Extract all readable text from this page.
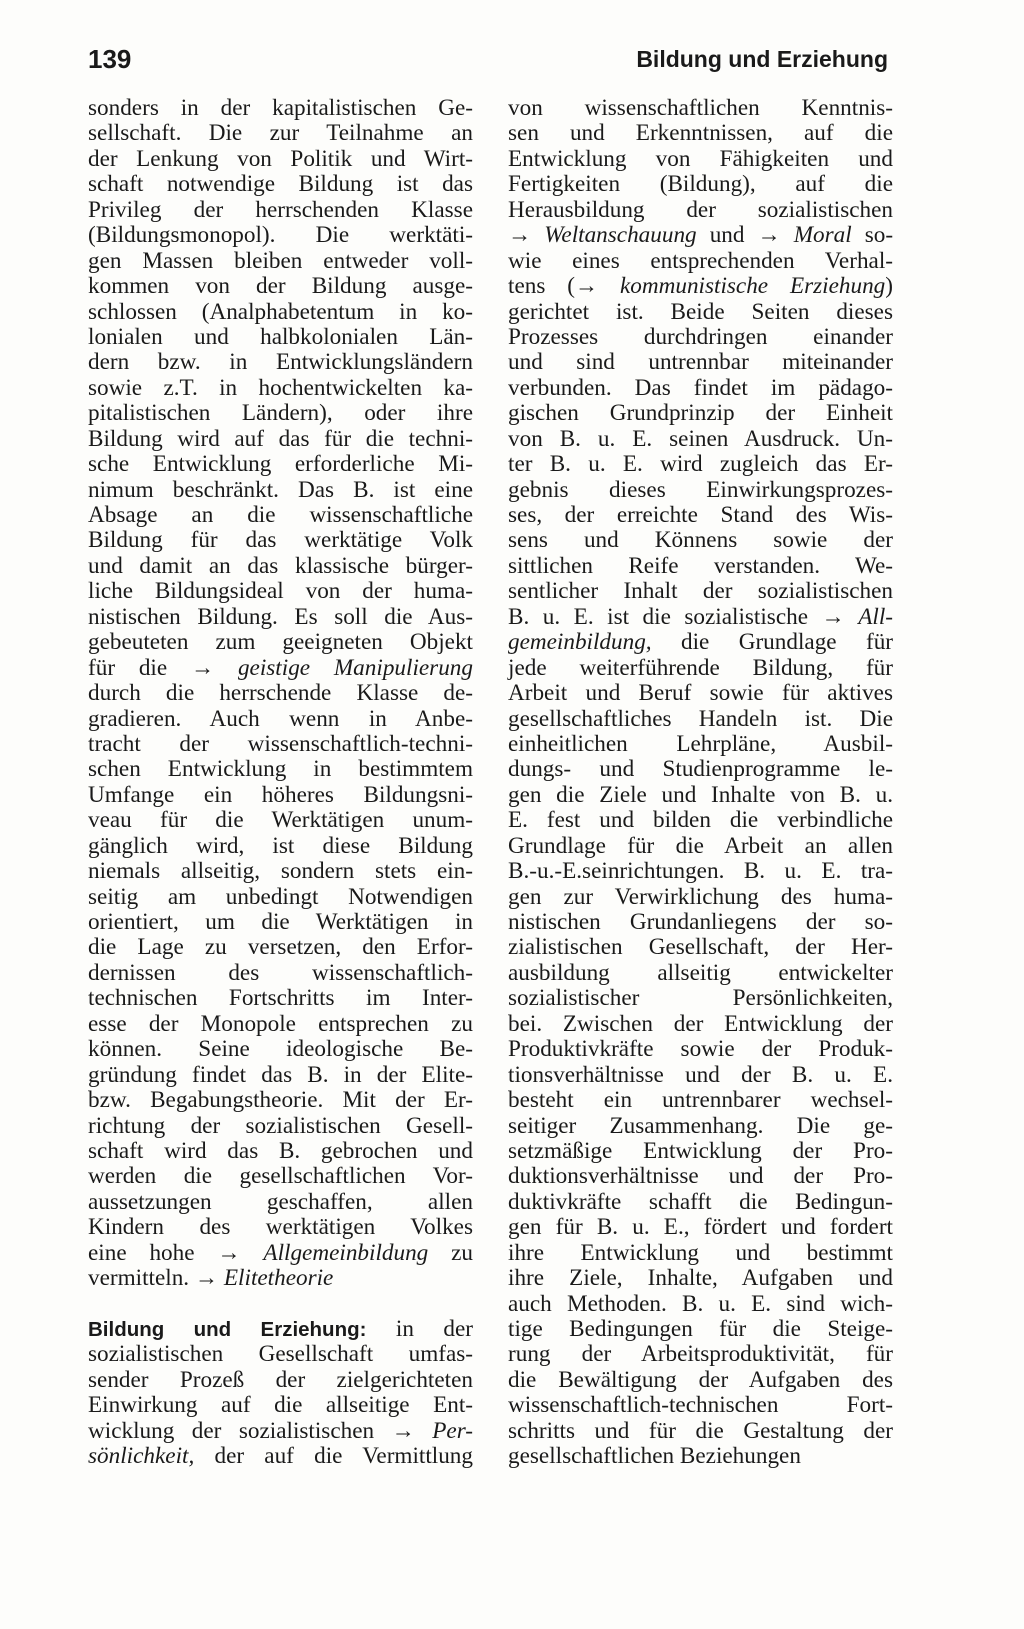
139	Bildung und Erziehung
sonders in der kapitalistischen Ge-
sellschaft. Die zur Teilnahme an
der Lenkung von Politik und Wirt-
schaft notwendige Bildung ist das
Privileg der herrschenden Klasse
(Bildungsmonopol). Die werktäti-
gen Massen bleiben entweder voll-
kommen von der Bildung ausge-
schlossen (Analphabetentum in ko-
lonialen und halbkolonialen Län-
dern bzw. in Entwicklungsländern
sowie z.T. in hochentwickelten ka-
pitalistischen Ländern), oder ihre
Bildung wird auf das für die techni-
sche Entwicklung erforderliche Mi-
nimum beschränkt. Das B. ist eine
Absage an die wissenschaftliche
Bildung für das werktätige Volk
und damit an das klassische bürger-
liche Bildungsideal von der huma-
nistischen Bildung. Es soll die Aus-
gebeuteten zum geeigneten Objekt
für die → geistige Manipulierung
durch die herrschende Klasse de-
gradieren. Auch wenn in Anbe-
tracht der wissenschaftlich-techni-
schen Entwicklung in bestimmtem
Umfange ein höheres Bildungsni-
veau für die Werktätigen unum-
gänglich wird, ist diese Bildung
niemals allseitig, sondern stets ein-
seitig am unbedingt Notwendigen
orientiert, um die Werktätigen in
die Lage zu versetzen, den Erfor-
dernissen des wissenschaftlich-
technischen Fortschritts im Inter-
esse der Monopole entsprechen zu
können. Seine ideologische Be-
gründung findet das B. in der Elite-
bzw. Begabungstheorie. Mit der Er-
richtung der sozialistischen Gesell-
schaft wird das B. gebrochen und
werden die gesellschaftlichen Vor-
aussetzungen geschaffen, allen
Kindern des werktätigen Volkes
eine hohe → Allgemeinbildung zu
vermitteln. → Elitetheorie
Bildung und Erziehung: in der
sozialistischen Gesellschaft umfas-
sender Prozeß der zielgerichteten
Einwirkung auf die allseitige Ent-
wicklung der sozialistischen → Per-
sönlichkeit, der auf die Vermittlung
von wissenschaftlichen Kenntnis-
sen und Erkenntnissen, auf die
Entwicklung von Fähigkeiten und
Fertigkeiten (Bildung), auf die
Herausbildung der sozialistischen
→ Weltanschauung und → Moral so-
wie eines entsprechenden Verhal-
tens (→ kommunistische Erziehung)
gerichtet ist. Beide Seiten dieses
Prozesses durchdringen einander
und sind untrennbar miteinander
verbunden. Das findet im pädago-
gischen Grundprinzip der Einheit
von B. u. E. seinen Ausdruck. Un-
ter B. u. E. wird zugleich das Er-
gebnis dieses Einwirkungsprozes-
ses, der erreichte Stand des Wis-
sens und Könnens sowie der
sittlichen Reife verstanden. We-
sentlicher Inhalt der sozialistischen
B. u. E. ist die sozialistische → All-
gemeinbildung, die Grundlage für
jede weiterführende Bildung, für
Arbeit und Beruf sowie für aktives
gesellschaftliches Handeln ist. Die
einheitlichen Lehrpläne, Ausbil-
dungs- und Studienprogramme le-
gen die Ziele und Inhalte von B. u.
E. fest und bilden die verbindliche
Grundlage für die Arbeit an allen
B.-u.-E.seinrichtungen. B. u. E. tra-
gen zur Verwirklichung des huma-
nistischen Grundanliegens der so-
zialistischen Gesellschaft, der Her-
ausbildung allseitig entwickelter
sozialistischer Persönlichkeiten,
bei. Zwischen der Entwicklung der
Produktivkräfte sowie der Produk-
tionsverhältnisse und der B. u. E.
besteht ein untrennbarer wechsel-
seitiger Zusammenhang. Die ge-
setzmäßige Entwicklung der Pro-
duktionsverhältnisse und der Pro-
duktivkräfte schafft die Bedingun-
gen für B. u. E., fördert und fordert
ihre Entwicklung und bestimmt
ihre Ziele, Inhalte, Aufgaben und
auch Methoden. B. u. E. sind wich-
tige Bedingungen für die Steige-
rung der Arbeitsproduktivität, für
die Bewältigung der Aufgaben des
wissenschaftlich-technischen Fort-
schritts und für die Gestaltung der
gesellschaftlichen Beziehungen
